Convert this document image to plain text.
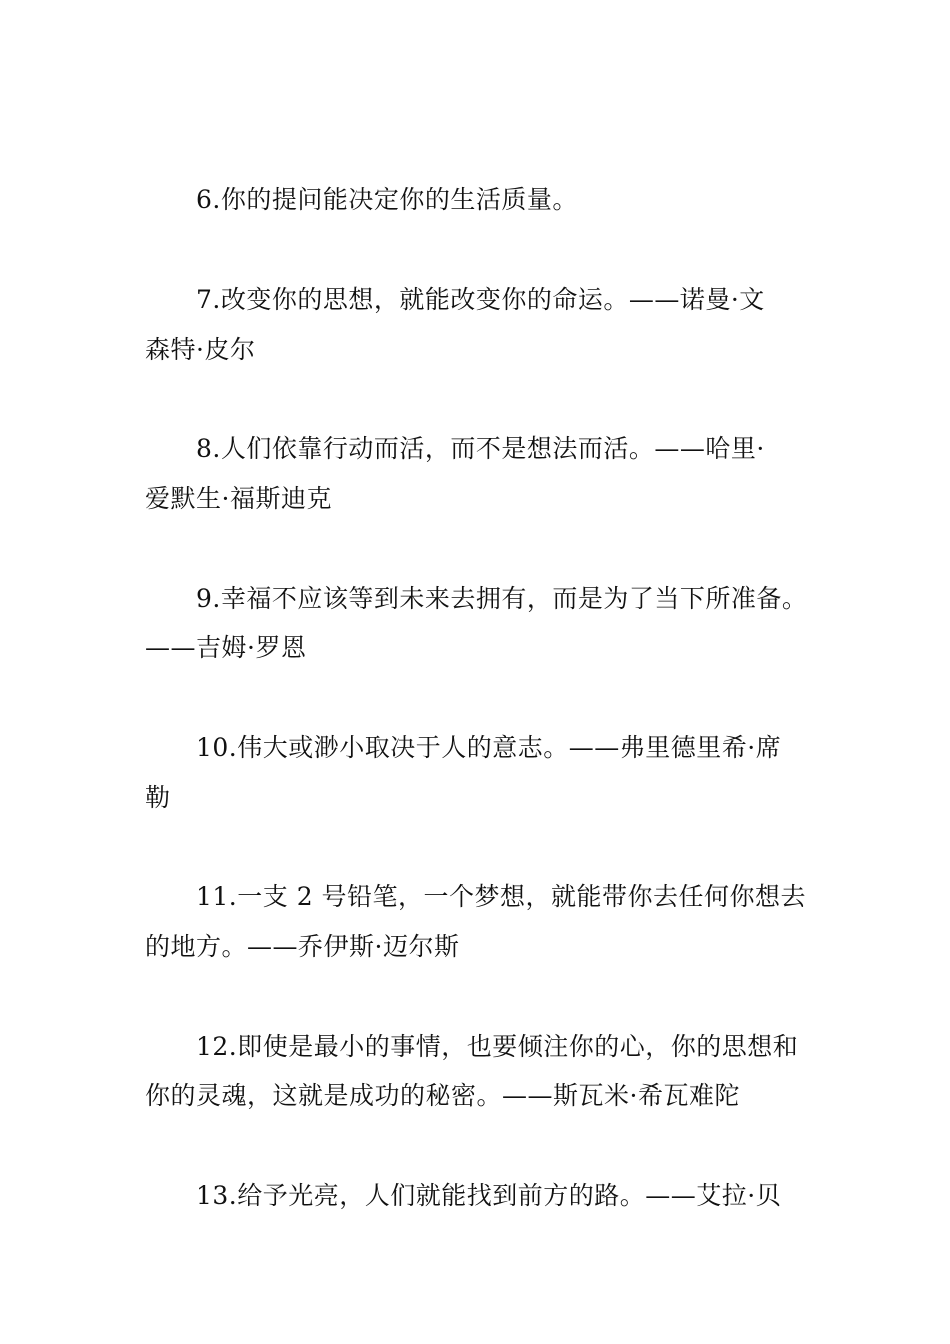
6.你的提问能决定你的生活质量。
7.改变你的思想，就能改变你的命运。——诺曼·文
森特·皮尔
8.人们依靠行动而活，而不是想法而活。——哈里·
爱默生·福斯迪克
9.幸福不应该等到未来去拥有，而是为了当下所准备。
——吉姆·罗恩
10.伟大或渺小取决于人的意志。——弗里德里希·席
勒
11.一支 2 号铅笔，一个梦想，就能带你去任何你想去
的地方。——乔伊斯·迈尔斯
12.即使是最小的事情，也要倾注你的心，你的思想和
你的灵魂，这就是成功的秘密。——斯瓦米·希瓦难陀
13.给予光亮，人们就能找到前方的路。——艾拉·贝
